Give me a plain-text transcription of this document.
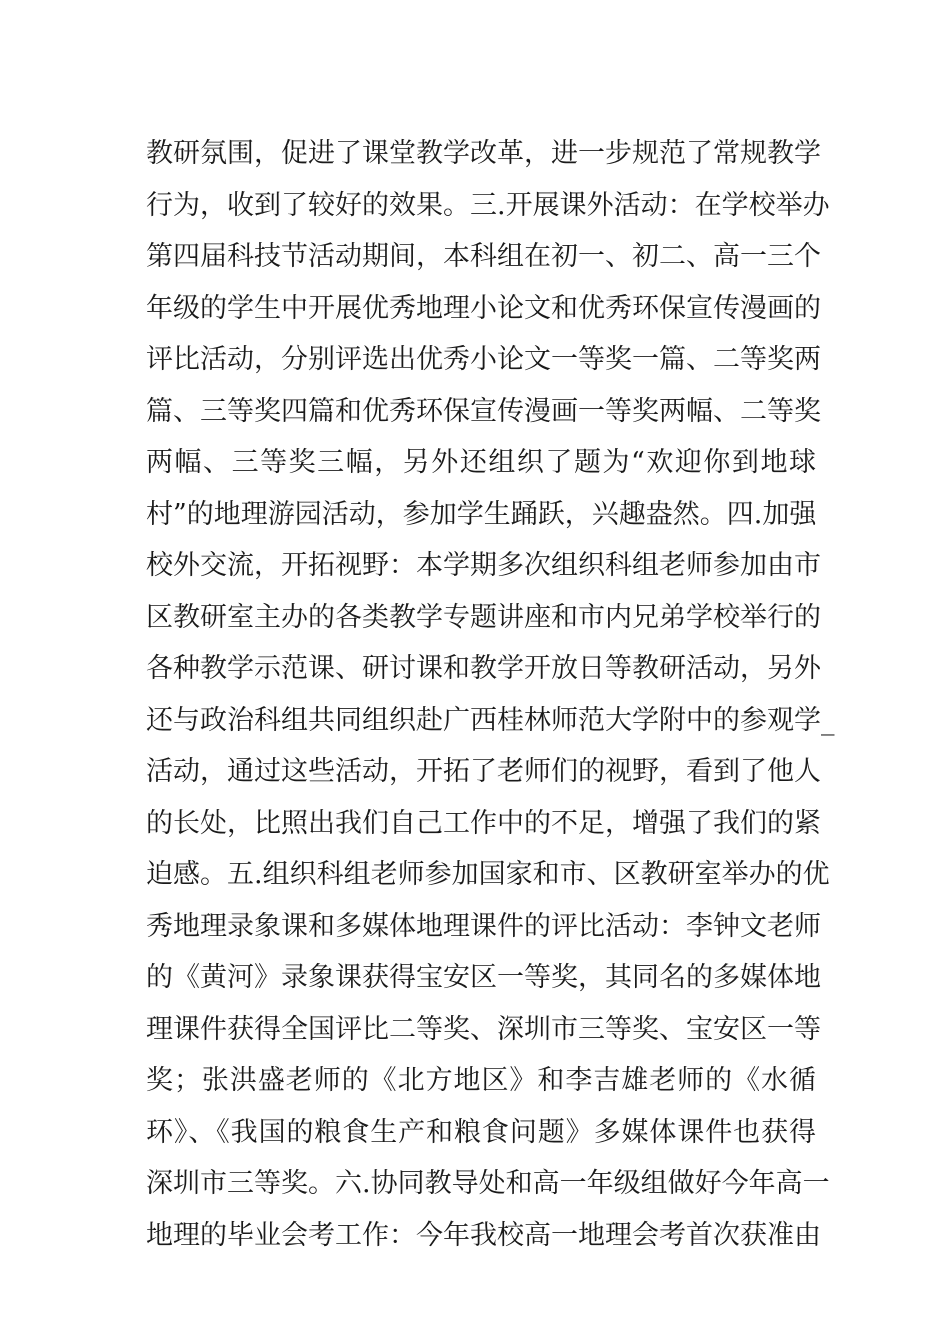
教研氛围，促进了课堂教学改革，进一步规范了常规教学
行为，收到了较好的效果。三.开展课外活动：在学校举办
第四届科技节活动期间，本科组在初一、初二、高一三个
年级的学生中开展优秀地理小论文和优秀环保宣传漫画的
评比活动，分别评选出优秀小论文一等奖一篇、二等奖两
篇、三等奖四篇和优秀环保宣传漫画一等奖两幅、二等奖
两幅、三等奖三幅，另外还组织了题为“欢迎你到地球
村”的地理游园活动，参加学生踊跃，兴趣盎然。四.加强
校外交流，开拓视野：本学期多次组织科组老师参加由市
区教研室主办的各类教学专题讲座和市内兄弟学校举行的
各种教学示范课、研讨课和教学开放日等教研活动，另外
还与政治科组共同组织赴广西桂林师范大学附中的参观学_
活动，通过这些活动，开拓了老师们的视野，看到了他人
的长处，比照出我们自己工作中的不足，增强了我们的紧
迫感。五.组织科组老师参加国家和市、区教研室举办的优
秀地理录象课和多媒体地理课件的评比活动：李钟文老师
的《黄河》录象课获得宝安区一等奖，其同名的多媒体地
理课件获得全国评比二等奖、深圳市三等奖、宝安区一等
奖；张洪盛老师的《北方地区》和李吉雄老师的《水循
环》、《我国的粮食生产和粮食问题》多媒体课件也获得
深圳市三等奖。六.协同教导处和高一年级组做好今年高一
地理的毕业会考工作：今年我校高一地理会考首次获准由
